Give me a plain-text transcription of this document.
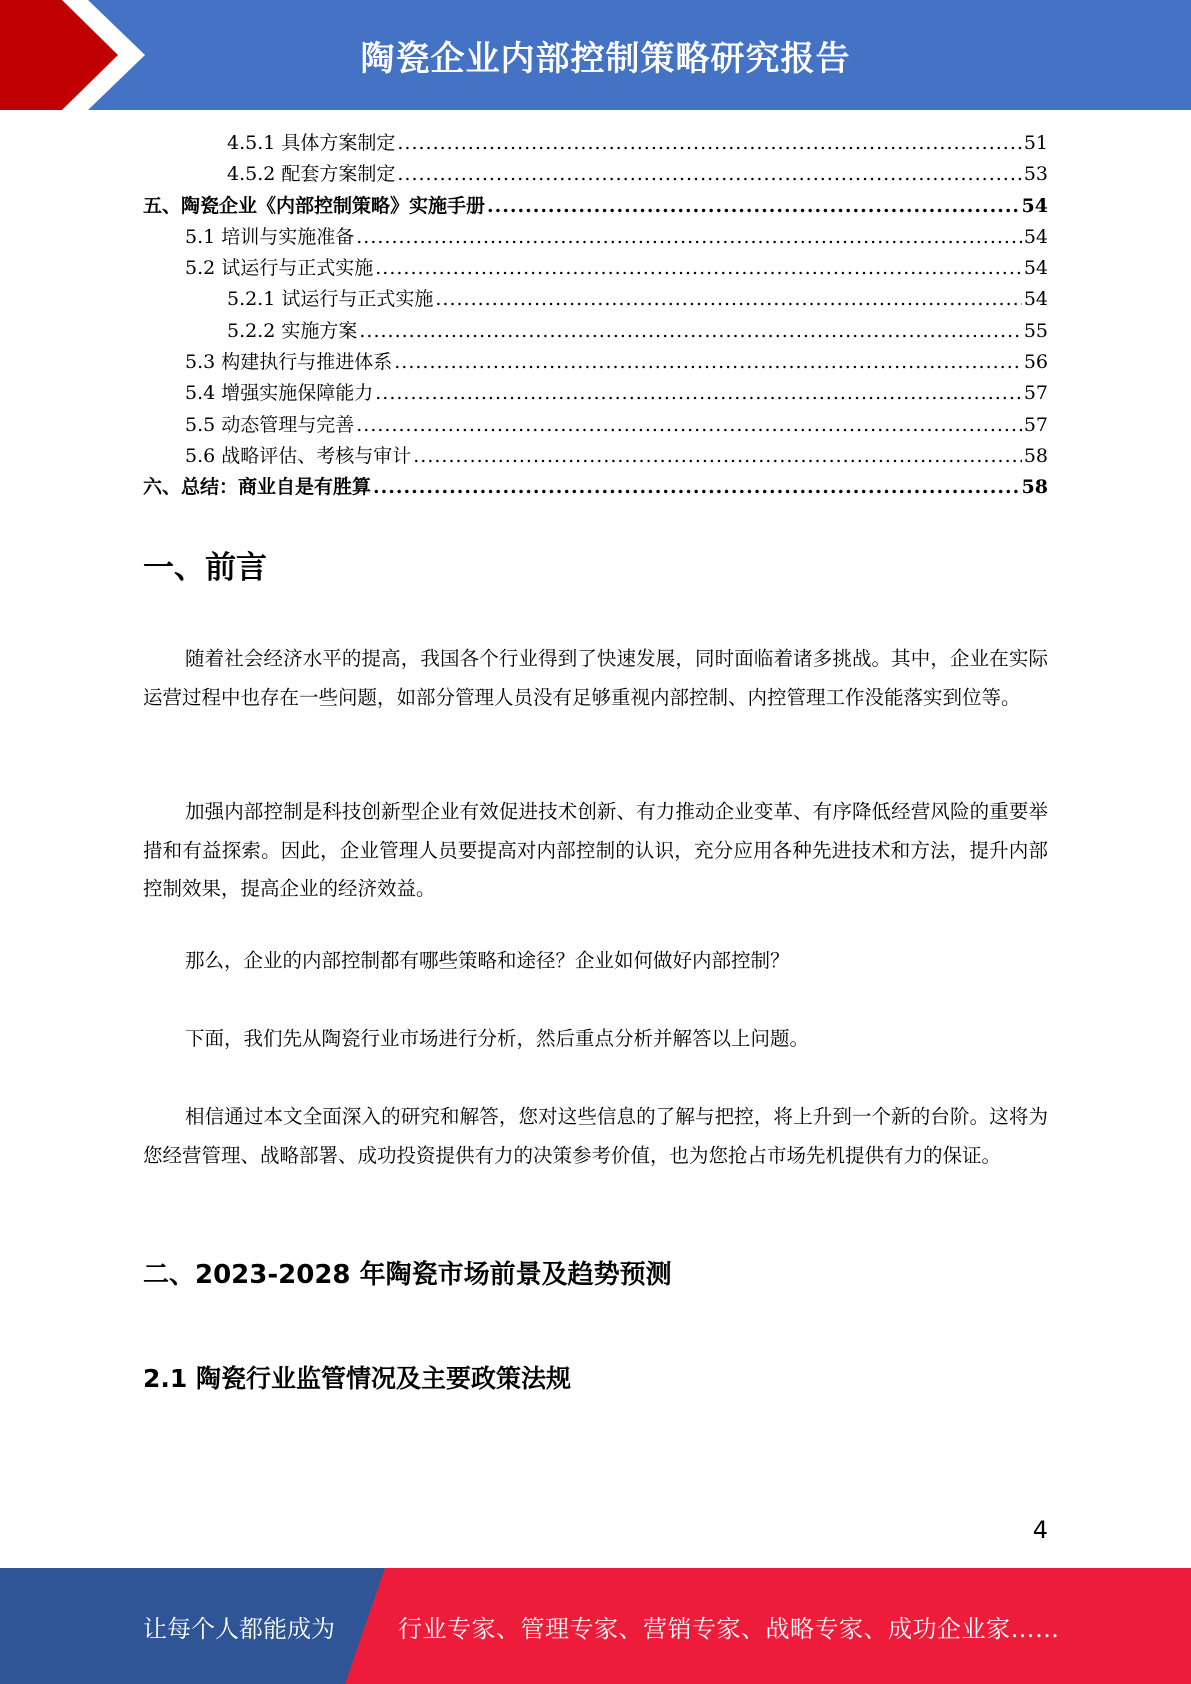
陶瓷企业内部控制策略研究报告
4.5.1 具体方案制定 .....	51
4.5.2 配套方案制定 .....	53
五、陶瓷企业《内部控制策略》实施手册 .....	54
5.1 培训与实施准备 .....	54
5.2 试运行与正式实施 .....	54
5.2.1 试运行与正式实施 .....	54
5.2.2 实施方案 .....	55
5.3 构建执行与推进体系 .....	56
5.4 增强实施保障能力 .....	57
5.5 动态管理与完善 .....	57
5.6 战略评估、考核与审计 .....	58
六、总结：商业自是有胜算 .....	58
一、前言

随着社会经济水平的提高，我国各个行业得到了快速发展，同时面临着诸多挑战。其中，企业在实际运营过程中也存在一些问题，如部分管理人员没有足够重视内部控制、内控管理工作没能落实到位等。

加强内部控制是科技创新型企业有效促进技术创新、有力推动企业变革、有序降低经营风险的重要举措和有益探索。因此，企业管理人员要提高对内部控制的认识，充分应用各种先进技术和方法，提升内部控制效果，提高企业的经济效益。

那么，企业的内部控制都有哪些策略和途径？企业如何做好内部控制？

下面，我们先从陶瓷行业市场进行分析，然后重点分析并解答以上问题。

相信通过本文全面深入的研究和解答，您对这些信息的了解与把控，将上升到一个新的台阶。这将为您经营管理、战略部署、成功投资提供有力的决策参考价值，也为您抢占市场先机提供有力的保证。

二、2023-2028 年陶瓷市场前景及趋势预测
2.1 陶瓷行业监管情况及主要政策法规
4
让每个人都能成为	行业专家、管理专家、营销专家、战略专家、成功企业家……
